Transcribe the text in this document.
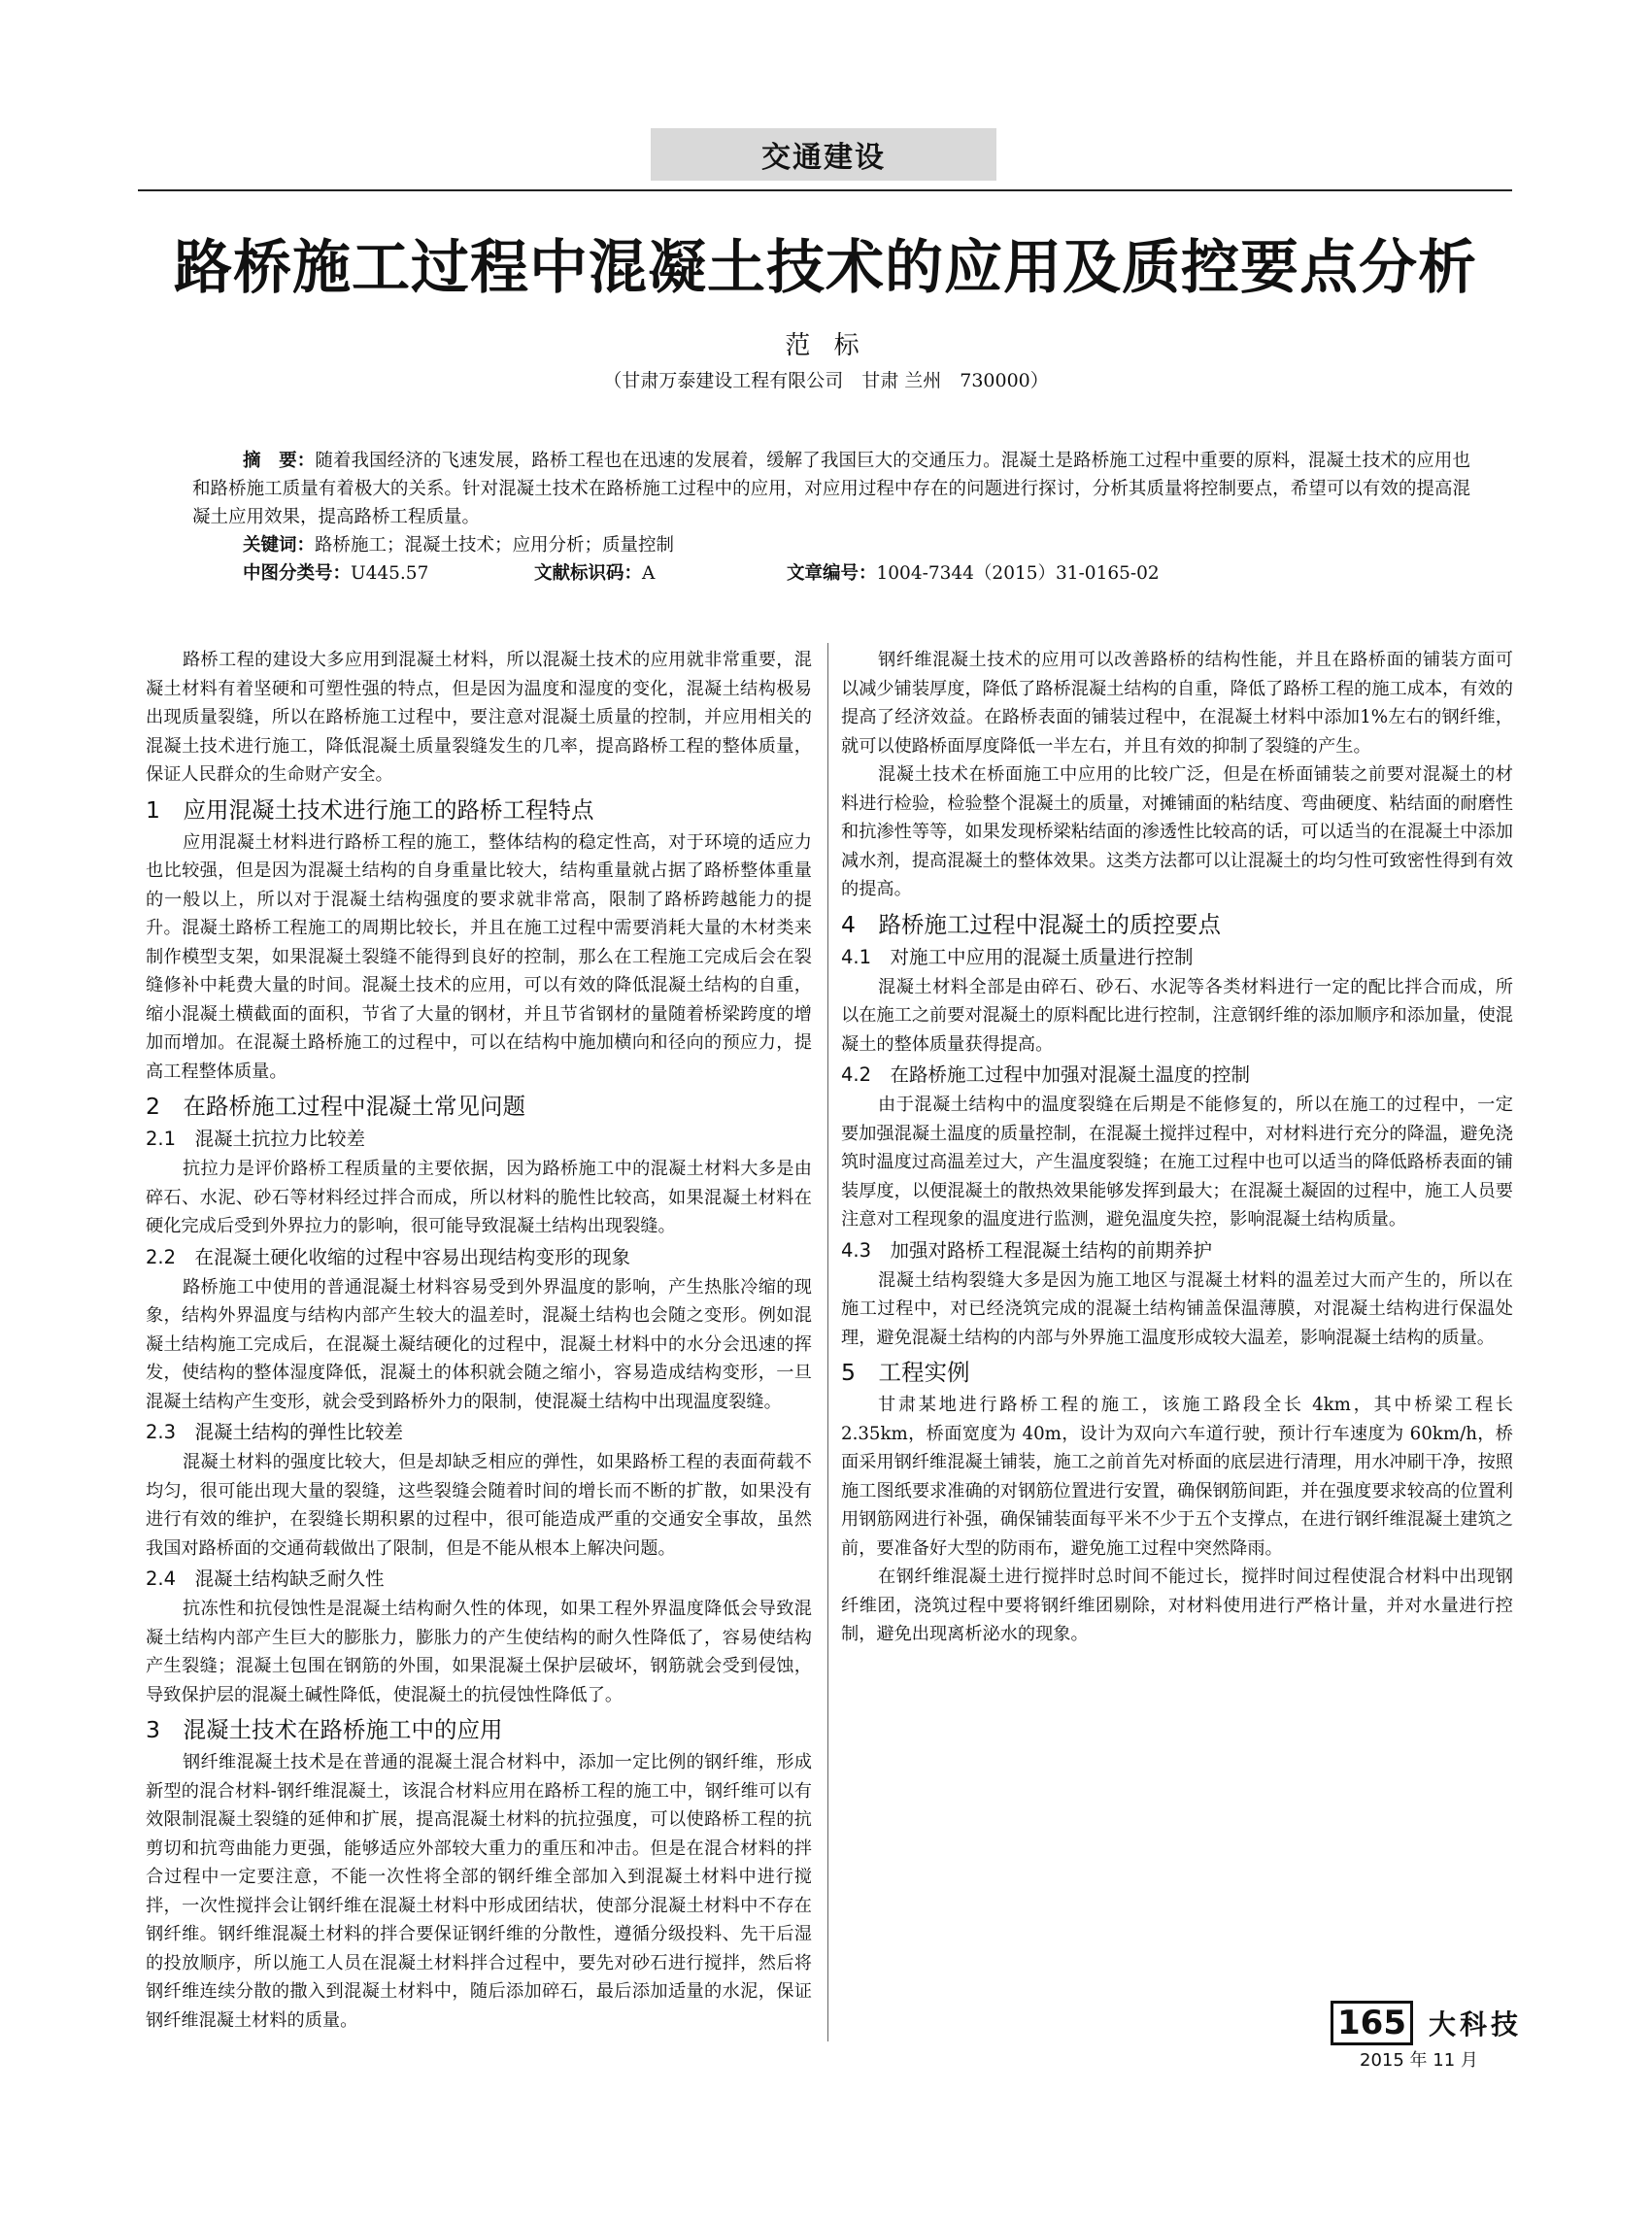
交通建设
路桥施工过程中混凝土技术的应用及质控要点分析
范 标
（甘肃万泰建设工程有限公司　甘肃 兰州　730000）

摘　要：随着我国经济的飞速发展，路桥工程也在迅速的发展着，缓解了我国巨大的交通压力。混凝土是路桥施工过程中重要的原料，混凝土技术的应用也和路桥施工质量有着极大的关系。针对混凝土技术在路桥施工过程中的应用，对应用过程中存在的问题进行探讨，分析其质量将控制要点，希望可以有效的提高混凝土应用效果，提高路桥工程质量。

关键词：路桥施工；混凝土技术；应用分析；质量控制
中图分类号：U445.57	文献标识码：A	文章编号：1004-7344（2015）31-0165-02

路桥工程的建设大多应用到混凝土材料，所以混凝土技术的应用就非常重要，混凝土材料有着坚硬和可塑性强的特点，但是因为温度和湿度的变化，混凝土结构极易出现质量裂缝，所以在路桥施工过程中，要注意对混凝土质量的控制，并应用相关的混凝土技术进行施工，降低混凝土质量裂缝发生的几率，提高路桥工程的整体质量，保证人民群众的生命财产安全。

1　应用混凝土技术进行施工的路桥工程特点

应用混凝土材料进行路桥工程的施工，整体结构的稳定性高，对于环境的适应力也比较强，但是因为混凝土结构的自身重量比较大，结构重量就占据了路桥整体重量的一般以上，所以对于混凝土结构强度的要求就非常高，限制了路桥跨越能力的提升。混凝土路桥工程施工的周期比较长，并且在施工过程中需要消耗大量的木材类来制作模型支架，如果混凝土裂缝不能得到良好的控制，那么在工程施工完成后会在裂缝修补中耗费大量的时间。混凝土技术的应用，可以有效的降低混凝土结构的自重，缩小混凝土横截面的面积，节省了大量的钢材，并且节省钢材的量随着桥梁跨度的增加而增加。在混凝土路桥施工的过程中，可以在结构中施加横向和径向的预应力，提高工程整体质量。

2　在路桥施工过程中混凝土常见问题
2.1　混凝土抗拉力比较差

抗拉力是评价路桥工程质量的主要依据，因为路桥施工中的混凝土材料大多是由碎石、水泥、砂石等材料经过拌合而成，所以材料的脆性比较高，如果混凝土材料在硬化完成后受到外界拉力的影响，很可能导致混凝土结构出现裂缝。

2.2　在混凝土硬化收缩的过程中容易出现结构变形的现象

路桥施工中使用的普通混凝土材料容易受到外界温度的影响，产生热胀冷缩的现象，结构外界温度与结构内部产生较大的温差时，混凝土结构也会随之变形。例如混凝土结构施工完成后，在混凝土凝结硬化的过程中，混凝土材料中的水分会迅速的挥发，使结构的整体湿度降低，混凝土的体积就会随之缩小，容易造成结构变形，一旦混凝土结构产生变形，就会受到路桥外力的限制，使混凝土结构中出现温度裂缝。

2.3　混凝土结构的弹性比较差

混凝土材料的强度比较大，但是却缺乏相应的弹性，如果路桥工程的表面荷载不均匀，很可能出现大量的裂缝，这些裂缝会随着时间的增长而不断的扩散，如果没有进行有效的维护，在裂缝长期积累的过程中，很可能造成严重的交通安全事故，虽然我国对路桥面的交通荷载做出了限制，但是不能从根本上解决问题。

2.4　混凝土结构缺乏耐久性

抗冻性和抗侵蚀性是混凝土结构耐久性的体现，如果工程外界温度降低会导致混凝土结构内部产生巨大的膨胀力，膨胀力的产生使结构的耐久性降低了，容易使结构产生裂缝；混凝土包围在钢筋的外围，如果混凝土保护层破坏，钢筋就会受到侵蚀，导致保护层的混凝土碱性降低，使混凝土的抗侵蚀性降低了。

3　混凝土技术在路桥施工中的应用

钢纤维混凝土技术是在普通的混凝土混合材料中，添加一定比例的钢纤维，形成新型的混合材料-钢纤维混凝土，该混合材料应用在路桥工程的施工中，钢纤维可以有效限制混凝土裂缝的延伸和扩展，提高混凝土材料的抗拉强度，可以使路桥工程的抗剪切和抗弯曲能力更强，能够适应外部较大重力的重压和冲击。但是在混合材料的拌合过程中一定要注意，不能一次性将全部的钢纤维全部加入到混凝土材料中进行搅拌，一次性搅拌会让钢纤维在混凝土材料中形成团结状，使部分混凝土材料中不存在钢纤维。钢纤维混凝土材料的拌合要保证钢纤维的分散性，遵循分级投料、先干后湿的投放顺序，所以施工人员在混凝土材料拌合过程中，要先对砂石进行搅拌，然后将钢纤维连续分散的撒入到混凝土材料中，随后添加碎石，最后添加适量的水泥，保证钢纤维混凝土材料的质量。

钢纤维混凝土技术的应用可以改善路桥的结构性能，并且在路桥面的铺装方面可以减少铺装厚度，降低了路桥混凝土结构的自重，降低了路桥工程的施工成本，有效的提高了经济效益。在路桥表面的铺装过程中，在混凝土材料中添加1%左右的钢纤维，就可以使路桥面厚度降低一半左右，并且有效的抑制了裂缝的产生。

混凝土技术在桥面施工中应用的比较广泛，但是在桥面铺装之前要对混凝土的材料进行检验，检验整个混凝土的质量，对摊铺面的粘结度、弯曲硬度、粘结面的耐磨性和抗渗性等等，如果发现桥梁粘结面的渗透性比较高的话，可以适当的在混凝土中添加减水剂，提高混凝土的整体效果。这类方法都可以让混凝土的均匀性可致密性得到有效的提高。

4　路桥施工过程中混凝土的质控要点
4.1　对施工中应用的混凝土质量进行控制

混凝土材料全部是由碎石、砂石、水泥等各类材料进行一定的配比拌合而成，所以在施工之前要对混凝土的原料配比进行控制，注意钢纤维的添加顺序和添加量，使混凝土的整体质量获得提高。

4.2　在路桥施工过程中加强对混凝土温度的控制

由于混凝土结构中的温度裂缝在后期是不能修复的，所以在施工的过程中，一定要加强混凝土温度的质量控制，在混凝土搅拌过程中，对材料进行充分的降温，避免浇筑时温度过高温差过大，产生温度裂缝；在施工过程中也可以适当的降低路桥表面的铺装厚度，以便混凝土的散热效果能够发挥到最大；在混凝土凝固的过程中，施工人员要注意对工程现象的温度进行监测，避免温度失控，影响混凝土结构质量。

4.3　加强对路桥工程混凝土结构的前期养护

混凝土结构裂缝大多是因为施工地区与混凝土材料的温差过大而产生的，所以在施工过程中，对已经浇筑完成的混凝土结构铺盖保温薄膜，对混凝土结构进行保温处理，避免混凝土结构的内部与外界施工温度形成较大温差，影响混凝土结构的质量。

5　工程实例

甘肃某地进行路桥工程的施工，该施工路段全长 4km，其中桥梁工程长 2.35km，桥面宽度为 40m，设计为双向六车道行驶，预计行车速度为 60km/h，桥面采用钢纤维混凝土铺装，施工之前首先对桥面的底层进行清理，用水冲刷干净，按照施工图纸要求准确的对钢筋位置进行安置，确保钢筋间距，并在强度要求较高的位置利用钢筋网进行补强，确保铺装面每平米不少于五个支撑点，在进行钢纤维混凝土建筑之前，要准备好大型的防雨布，避免施工过程中突然降雨。

在钢纤维混凝土进行搅拌时总时间不能过长，搅拌时间过程使混合材料中出现钢纤维团，浇筑过程中要将钢纤维团剔除，对材料使用进行严格计量，并对水量进行控制，避免出现离析泌水的现象。

165 大科技
2015 年 11 月
